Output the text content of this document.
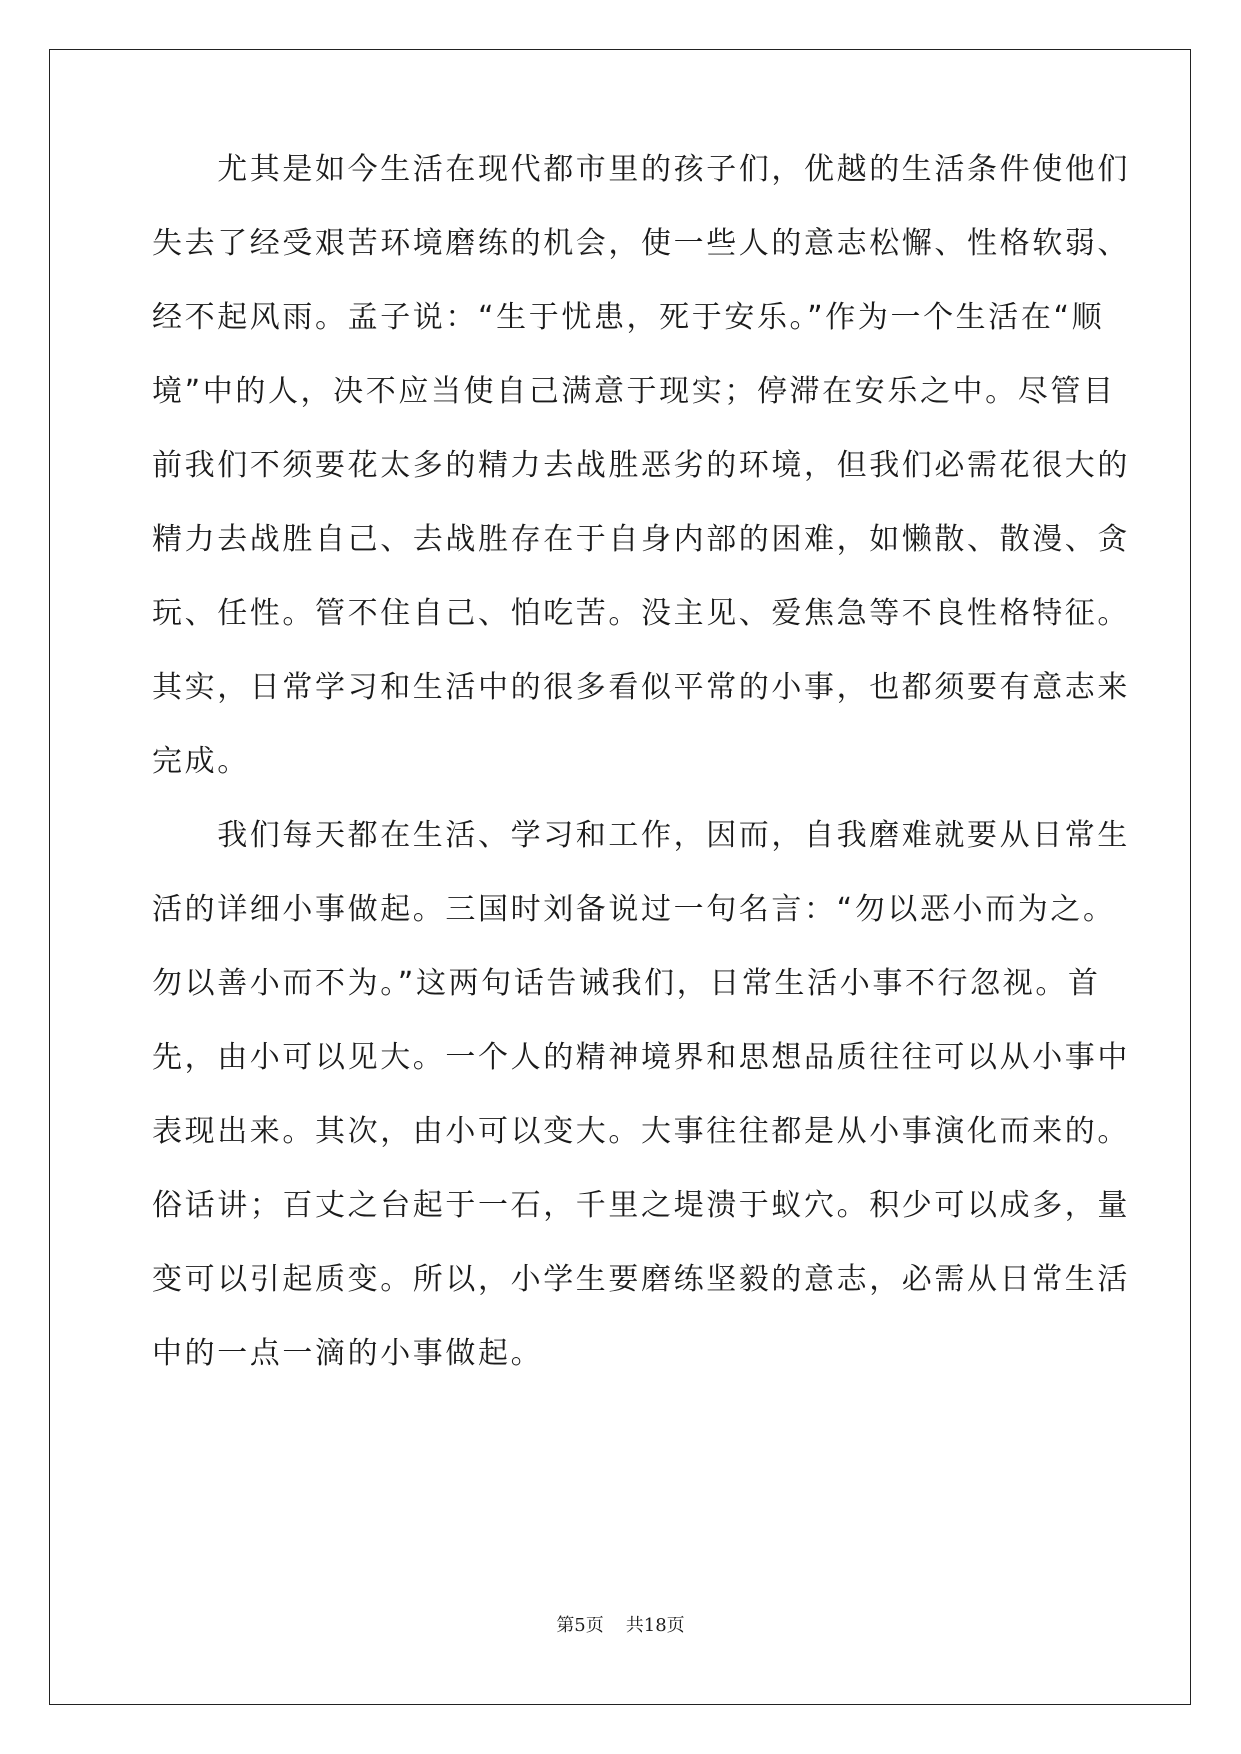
　　尤其是如今生活在现代都市里的孩子们，优越的生活条件使他们
失去了经受艰苦环境磨练的机会，使一些人的意志松懈、性格软弱、
经不起风雨。孟子说：“生于忧患，死于安乐。”作为一个生活在“顺
境”中的人，决不应当使自己满意于现实；停滞在安乐之中。尽管目
前我们不须要花太多的精力去战胜恶劣的环境，但我们必需花很大的
精力去战胜自己、去战胜存在于自身内部的困难，如懒散、散漫、贪
玩、任性。管不住自己、怕吃苦。没主见、爱焦急等不良性格特征。
其实，日常学习和生活中的很多看似平常的小事，也都须要有意志来
完成。
　　我们每天都在生活、学习和工作，因而，自我磨难就要从日常生
活的详细小事做起。三国时刘备说过一句名言：“勿以恶小而为之。
勿以善小而不为。”这两句话告诫我们，日常生活小事不行忽视。首
先，由小可以见大。一个人的精神境界和思想品质往往可以从小事中
表现出来。其次，由小可以变大。大事往往都是从小事演化而来的。
俗话讲；百丈之台起于一石，千里之堤溃于蚁穴。积少可以成多，量
变可以引起质变。所以，小学生要磨练坚毅的意志，必需从日常生活
中的一点一滴的小事做起。
第5页 共18页
